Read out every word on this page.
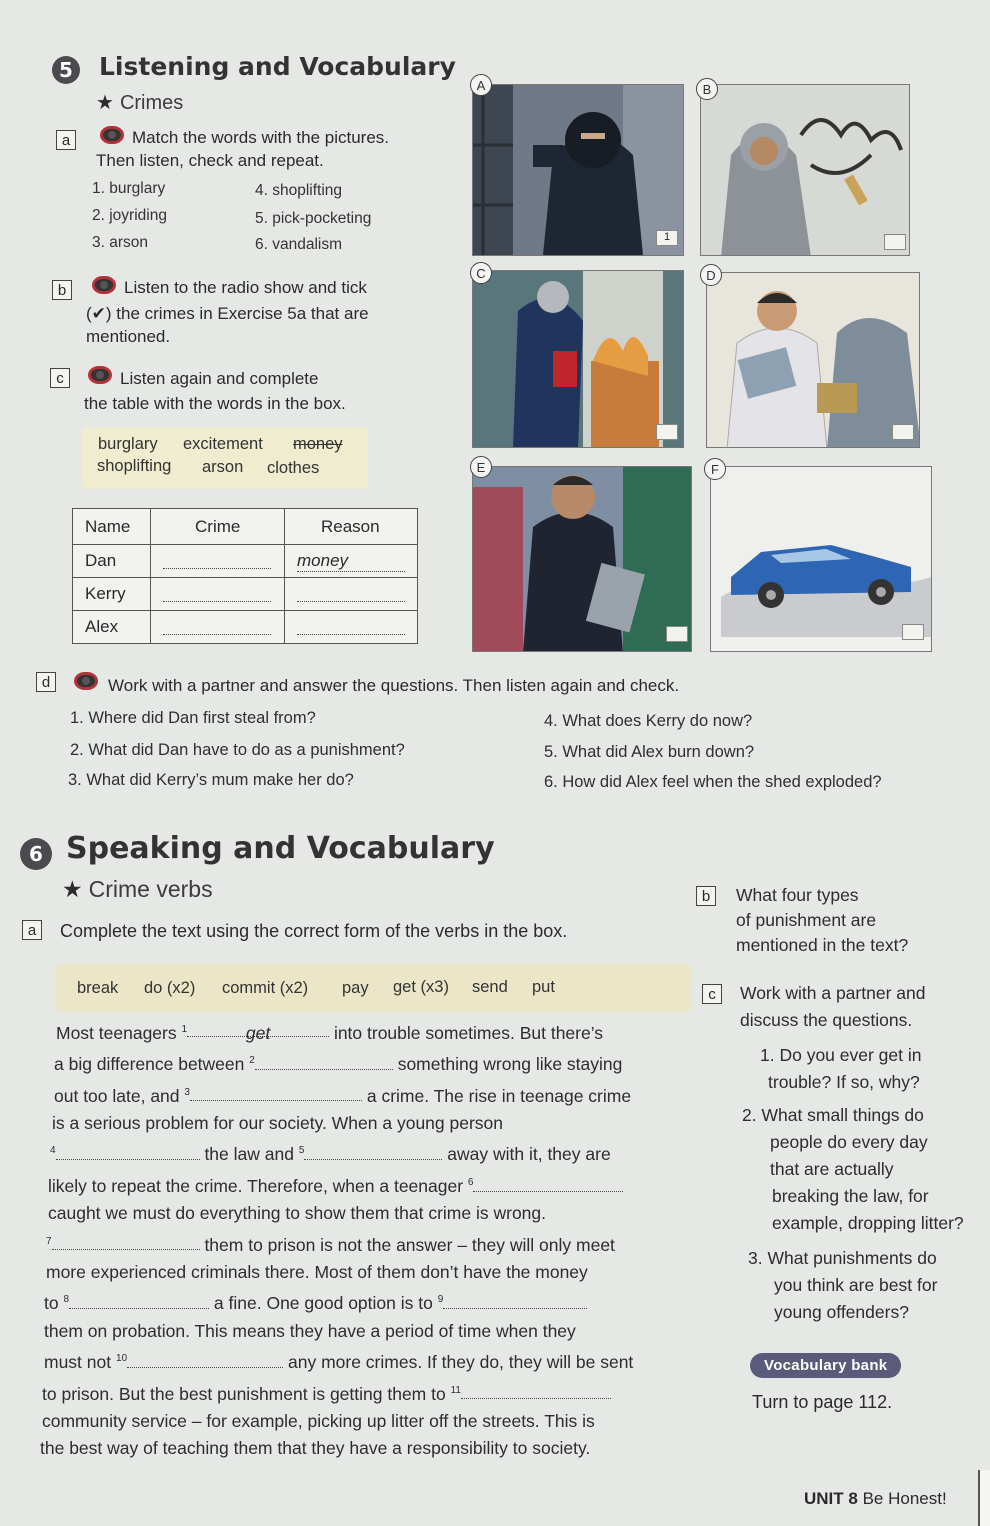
5 Listening and Vocabulary
★ Crimes
a	Match the words with the pictures.
Then listen, check and repeat.
1. burglary
2. joyriding
3. arson
4. shoplifting
5. pick-pocketing
6. vandalism
b	Listen to the radio show and tick
(✔) the crimes in Exercise 5a that are
mentioned.
c	Listen again and complete
the table with the words in the box.
burglary excitement money
shoplifting arson clothes
Name	Crime	Reason
Dan		money
Kerry		
Alex		
A
1
B
C	D
E	F
d	Work with a partner and answer the questions. Then listen again and check.
1. Where did Dan first steal from?
2. What did Dan have to do as a punishment?
3. What did Kerry’s mum make her do?
4. What does Kerry do now?
5. What did Alex burn down?
6. How did Alex feel when the shed exploded?
6 Speaking and Vocabulary
★ Crime verbs
a	Complete the text using the correct form of the verbs in the box.
break do (x2) commit (x2) pay get (x3) send put
Most teenagers $^1$	get	into trouble sometimes. But there’s
a big difference between $^2$	something wrong like staying
out too late, and $^3$	a crime. The rise in teenage crime
is a serious problem for our society. When a young person
$^4$	the law and $^5$	away with it, they are
likely to repeat the crime. Therefore, when a teenager $^6$
caught we must do everything to show them that crime is wrong.
$^7$	them to prison is not the answer – they will only meet
more experienced criminals there. Most of them don’t have the money
to $^8$	a fine. One good option is to $^9$
them on probation. This means they have a period of time when they
must not $^{10}$	any more crimes. If they do, they will be sent
to prison. But the best punishment is getting them to $^{11}$
community service – for example, picking up litter off the streets. This is
the best way of teaching them that they have a responsibility to society.
b	What four types
of punishment are
mentioned in the text?
c	Work with a partner and
discuss the questions.
1. Do you ever get in
trouble? If so, why?
2. What small things do
people do every day
that are actually
breaking the law, for
example, dropping litter?
3. What punishments do
you think are best for
young offenders?
Vocabulary bank
Turn to page 112.
UNIT 8 Be Honest!
